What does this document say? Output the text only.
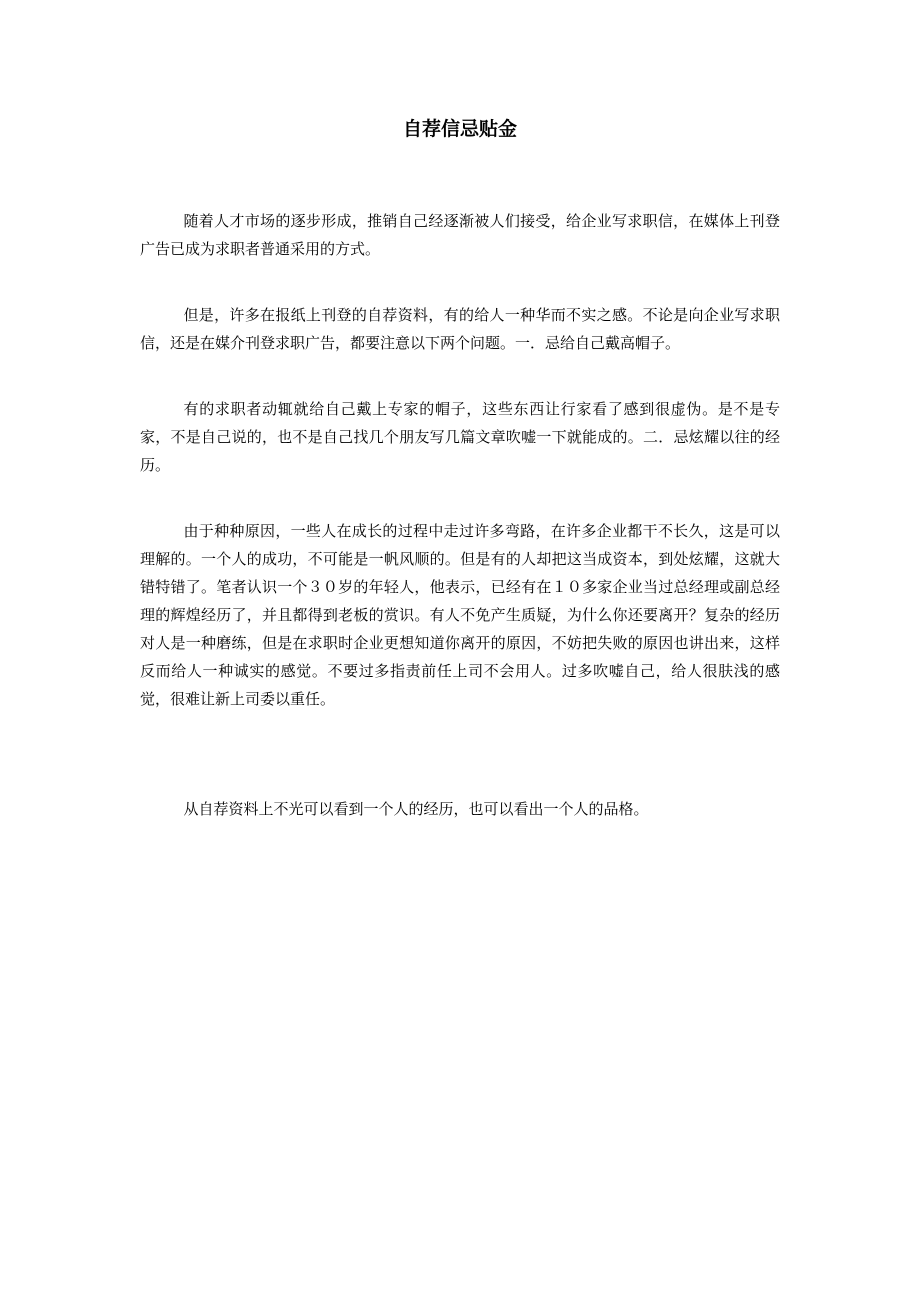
自荐信忌贴金

随着人才市场的逐步形成，推销自己经逐渐被人们接受，给企业写求职信，在媒体上刊登广告已成为求职者普通采用的方式。

但是，许多在报纸上刊登的自荐资料，有的给人一种华而不实之感。不论是向企业写求职信，还是在媒介刊登求职广告，都要注意以下两个问题。一．忌给自己戴高帽子。

有的求职者动辄就给自己戴上专家的帽子，这些东西让行家看了感到很虚伪。是不是专家，不是自己说的，也不是自己找几个朋友写几篇文章吹嘘一下就能成的。二．忌炫耀以往的经历。

由于种种原因，一些人在成长的过程中走过许多弯路，在许多企业都干不长久，这是可以理解的。一个人的成功，不可能是一帆风顺的。但是有的人却把这当成资本，到处炫耀，这就大错特错了。笔者认识一个３０岁的年轻人，他表示，已经有在１０多家企业当过总经理或副总经理的辉煌经历了，并且都得到老板的赏识。有人不免产生质疑，为什么你还要离开？复杂的经历对人是一种磨练，但是在求职时企业更想知道你离开的原因，不妨把失败的原因也讲出来，这样反而给人一种诚实的感觉。不要过多指责前任上司不会用人。过多吹嘘自己，给人很肤浅的感觉，很难让新上司委以重任。

从自荐资料上不光可以看到一个人的经历，也可以看出一个人的品格。
